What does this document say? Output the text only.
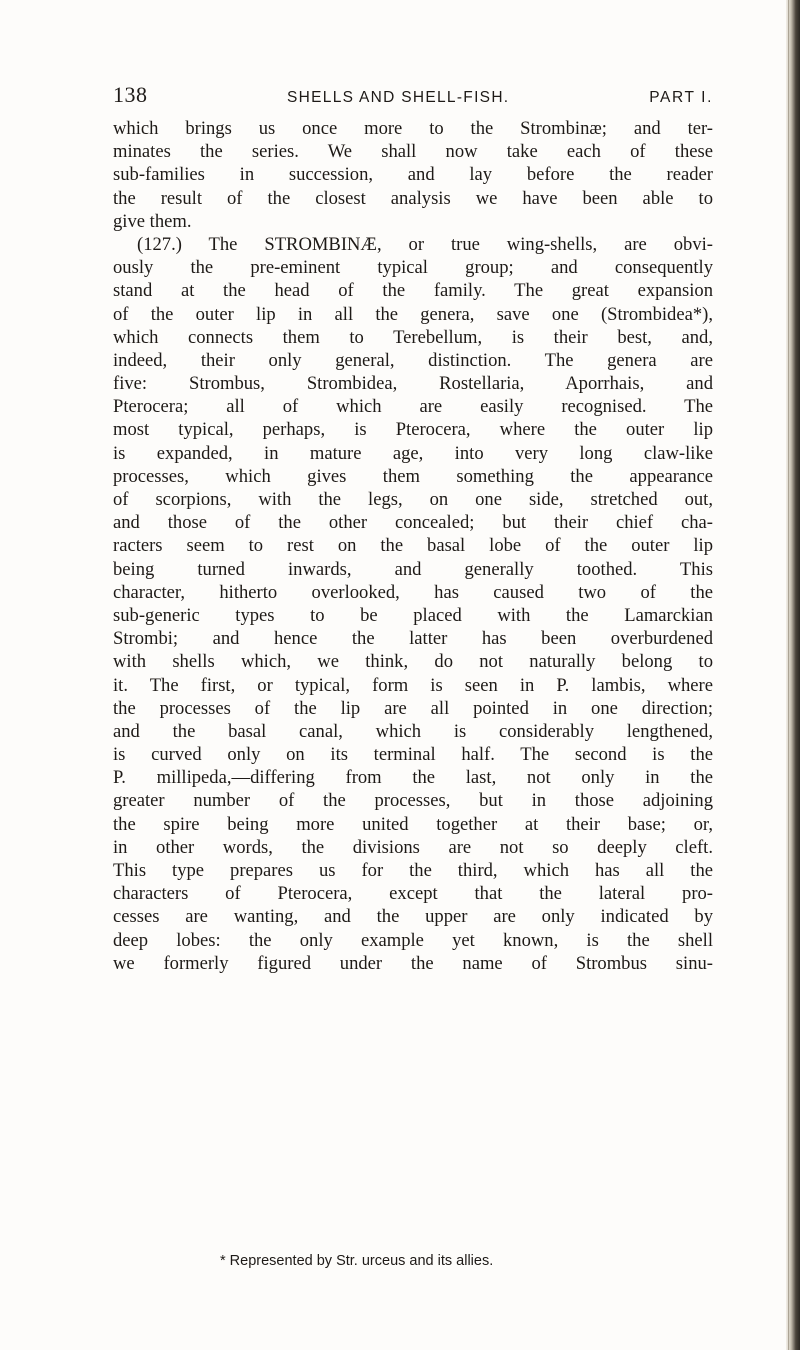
138	SHELLS AND SHELL-FISH.	PART I.
which brings us once more to the Strombinæ; and ter-
minates the series. We shall now take each of these
sub-families in succession, and lay before the reader
the result of the closest analysis we have been able to
give them.
(127.) The STROMBINÆ, or true wing-shells, are obvi-
ously the pre-eminent typical group; and consequently
stand at the head of the family. The great expansion
of the outer lip in all the genera, save one (Strombidea*),
which connects them to Terebellum, is their best, and,
indeed, their only general, distinction. The genera are
five: Strombus, Strombidea, Rostellaria, Aporrhais, and
Pterocera; all of which are easily recognised. The
most typical, perhaps, is Pterocera, where the outer lip
is expanded, in mature age, into very long claw-like
processes, which gives them something the appearance
of scorpions, with the legs, on one side, stretched out,
and those of the other concealed; but their chief cha-
racters seem to rest on the basal lobe of the outer lip
being turned inwards, and generally toothed. This
character, hitherto overlooked, has caused two of the
sub-generic types to be placed with the Lamarckian
Strombi; and hence the latter has been overburdened
with shells which, we think, do not naturally belong to
it. The first, or typical, form is seen in P. lambis, where
the processes of the lip are all pointed in one direction;
and the basal canal, which is considerably lengthened,
is curved only on its terminal half. The second is the
P. millipeda,—differing from the last, not only in the
greater number of the processes, but in those adjoining
the spire being more united together at their base; or,
in other words, the divisions are not so deeply cleft.
This type prepares us for the third, which has all the
characters of Pterocera, except that the lateral pro-
cesses are wanting, and the upper are only indicated by
deep lobes: the only example yet known, is the shell
we formerly figured under the name of Strombus sinu-
* Represented by Str. urceus and its allies.
